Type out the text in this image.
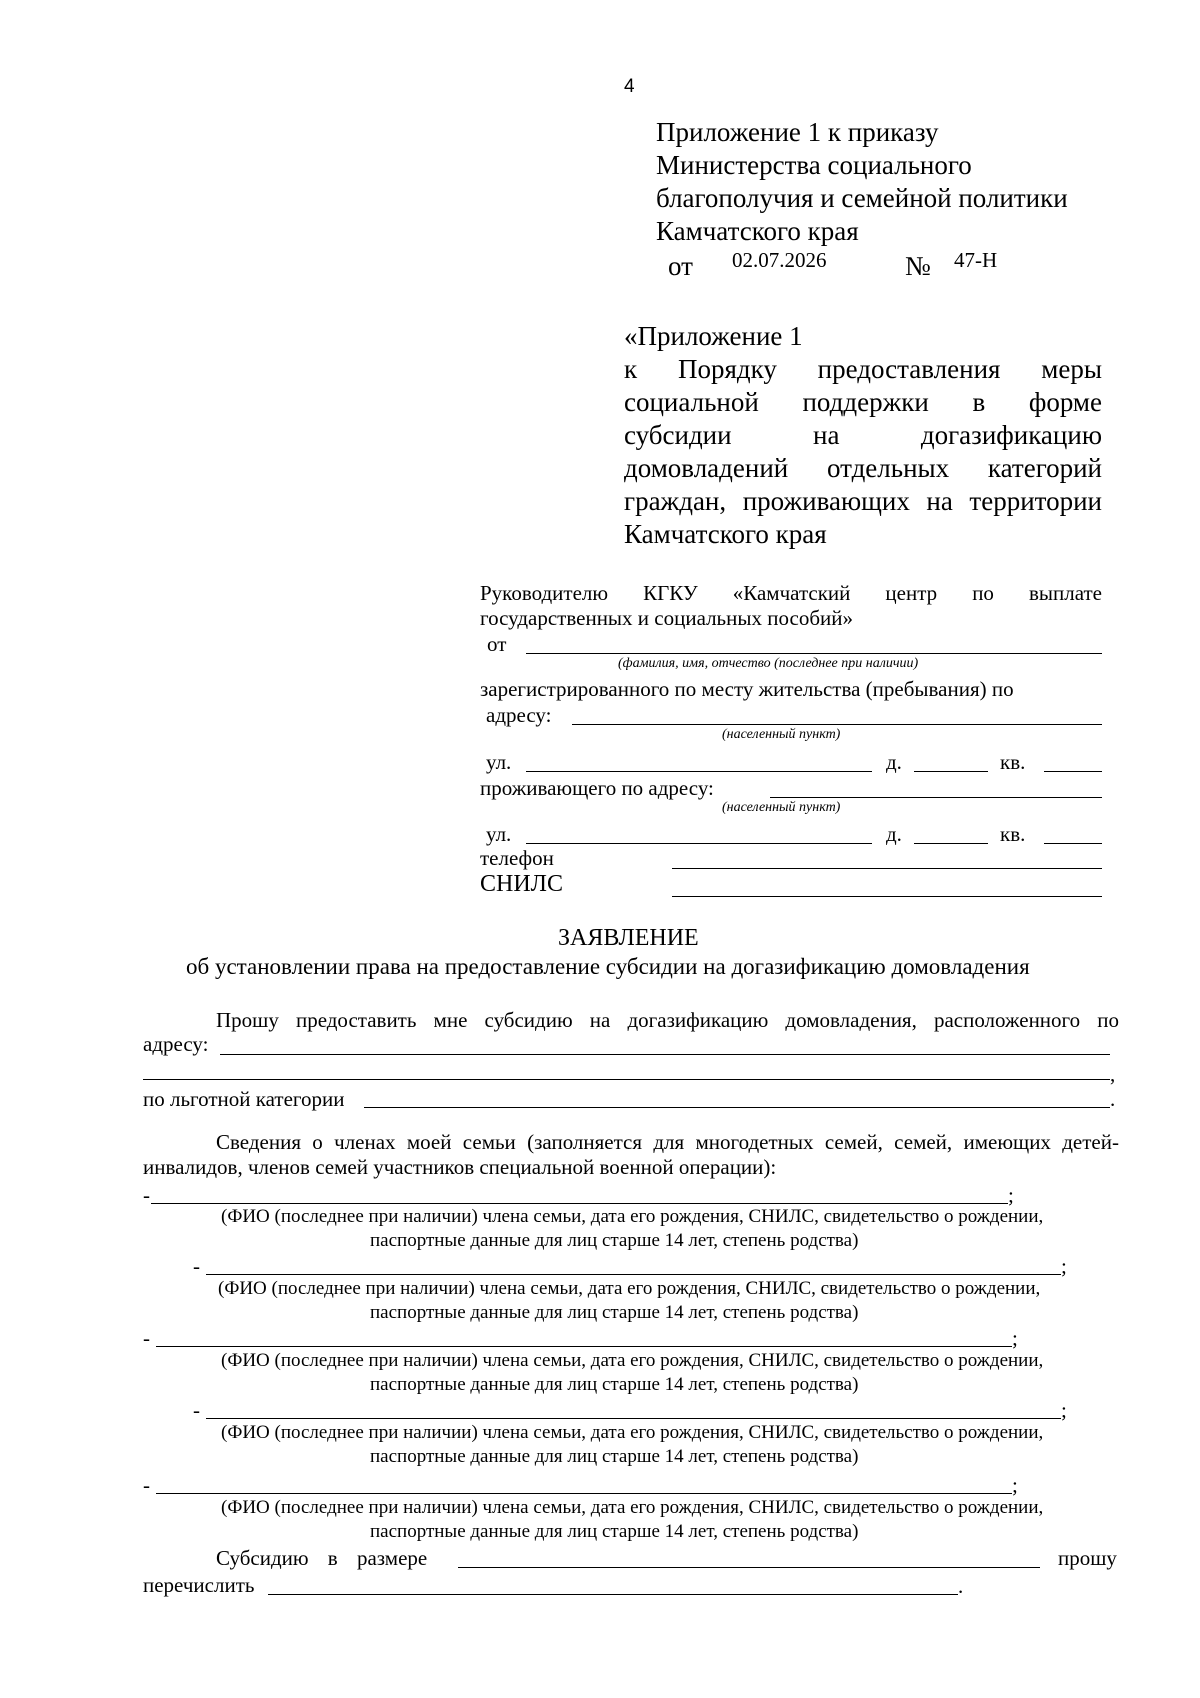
4
Приложение 1 к приказу
Министерства социального
благополучия и семейной политики
Камчатского края
от 02.07.2026	№ 47-Н
«Приложение 1
к Порядку предоставления меры
социальной поддержки в форме
субсидии на догазификацию
домовладений отдельных категорий
граждан, проживающих на территории
Камчатского края
Руководителю КГКУ «Камчатский центр по выплате
государственных и социальных пособий»
от
(фамилия, имя, отчество (последнее при наличии)
зарегистрированного по месту жительства (пребывания) по
адресу:
(населенный пункт)
ул.	д.	кв.
проживающего по адресу:
(населенный пункт)
ул.	д.	кв.
телефон
СНИЛС
ЗАЯВЛЕНИЕ
об установлении права на предоставление субсидии на догазификацию домовладения
Прошу предоставить мне субсидию на догазификацию домовладения, расположенного по
адресу:
,
по льготной категории	.
Сведения о членах моей семьи (заполняется для многодетных семей, семей, имеющих детей-
инвалидов, членов семей участников специальной военной операции):
-	;
(ФИО (последнее при наличии) члена семьи, дата его рождения, СНИЛС, свидетельство о рождении,
паспортные данные для лиц старше 14 лет, степень родства)
-	;
(ФИО (последнее при наличии) члена семьи, дата его рождения, СНИЛС, свидетельство о рождении,
паспортные данные для лиц старше 14 лет, степень родства)
-	;
(ФИО (последнее при наличии) члена семьи, дата его рождения, СНИЛС, свидетельство о рождении,
паспортные данные для лиц старше 14 лет, степень родства)
-	;
(ФИО (последнее при наличии) члена семьи, дата его рождения, СНИЛС, свидетельство о рождении,
паспортные данные для лиц старше 14 лет, степень родства)
-	;
(ФИО (последнее при наличии) члена семьи, дата его рождения, СНИЛС, свидетельство о рождении,
паспортные данные для лиц старше 14 лет, степень родства)
Субсидию в размере	прошу
перечислить	.
